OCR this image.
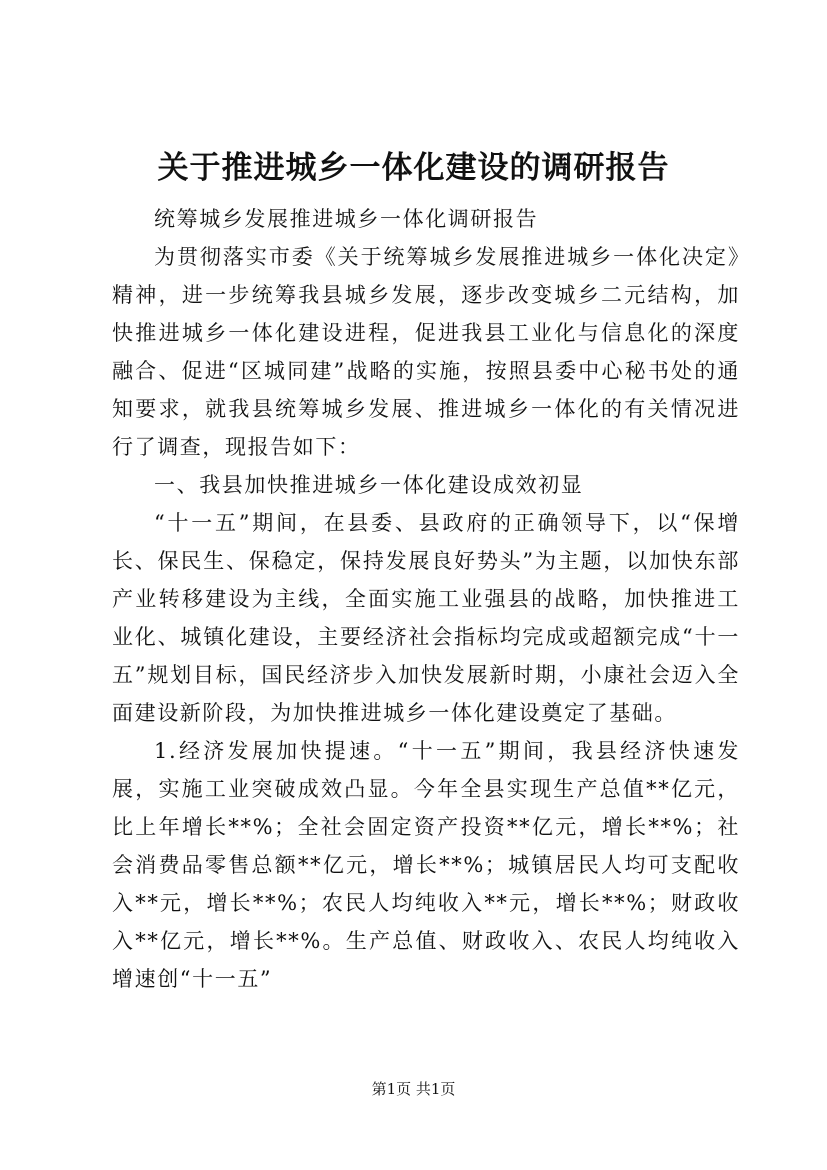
关于推进城乡一体化建设的调研报告

统筹城乡发展推进城乡一体化调研报告

为贯彻落实市委《关于统筹城乡发展推进城乡一体化决定》精神，进一步统筹我县城乡发展，逐步改变城乡二元结构，加快推进城乡一体化建设进程，促进我县工业化与信息化的深度融合、促进“区城同建”战略的实施，按照县委中心秘书处的通知要求，就我县统筹城乡发展、推进城乡一体化的有关情况进行了调查，现报告如下：

一、我县加快推进城乡一体化建设成效初显

“十一五”期间，在县委、县政府的正确领导下，以“保增长、保民生、保稳定，保持发展良好势头”为主题，以加快东部产业转移建设为主线，全面实施工业强县的战略，加快推进工业化、城镇化建设，主要经济社会指标均完成或超额完成“十一五”规划目标，国民经济步入加快发展新时期，小康社会迈入全面建设新阶段，为加快推进城乡一体化建设奠定了基础。

1.经济发展加快提速。“十一五”期间，我县经济快速发展，实施工业突破成效凸显。今年全县实现生产总值**亿元，比上年增长**%；全社会固定资产投资**亿元，增长**%；社会消费品零售总额**亿元，增长**%；城镇居民人均可支配收入**元，增长**%；农民人均纯收入**元，增长**%；财政收入**亿元，增长**%。生产总值、财政收入、农民人均纯收入增速创“十一五”

第1页 共1页
